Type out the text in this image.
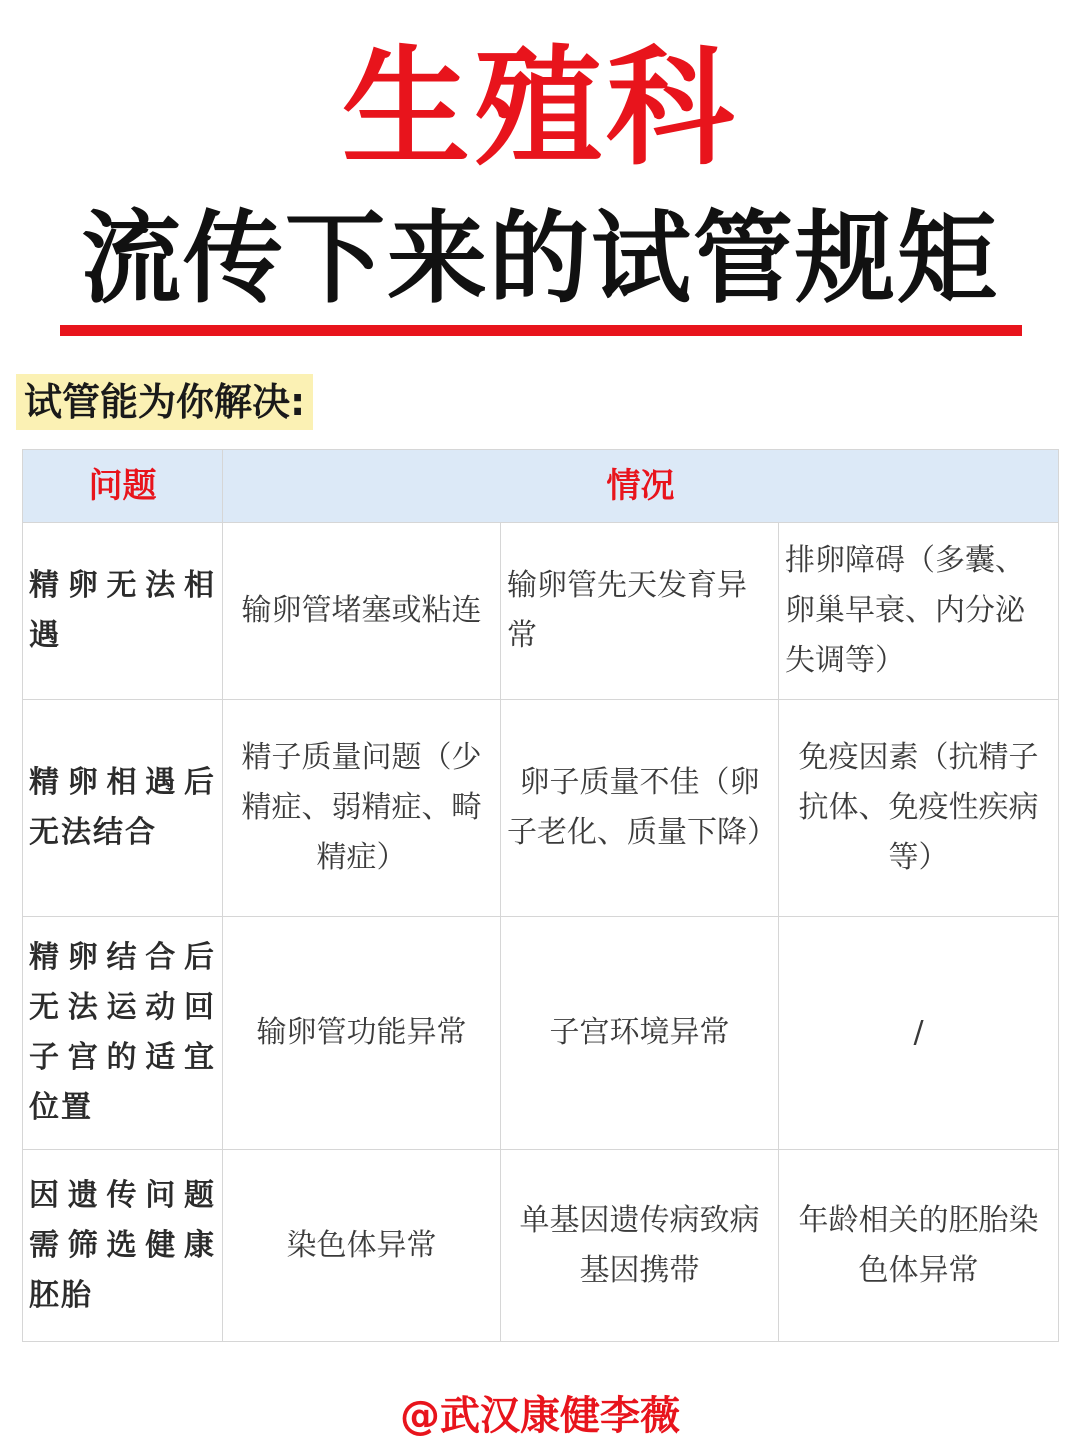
生殖科
流传下来的试管规矩
试管能为你解决:
问题	情况		
精卵无法相遇	输卵管堵塞或粘连	输卵管先天发育异常	排卵障碍（多囊、卵巢早衰、内分泌失调等）
精卵相遇后无法结合	精子质量问题（少精症、弱精症、畸精症）	卵子质量不佳（卵子老化、质量下降）	免疫因素（抗精子抗体、免疫性疾病等）
精卵结合后无法运动回子宫的适宜位置	输卵管功能异常	子宫环境异常	/
因遗传问题需筛选健康胚胎	染色体异常	单基因遗传病致病基因携带	年龄相关的胚胎染色体异常
@武汉康健李薇
